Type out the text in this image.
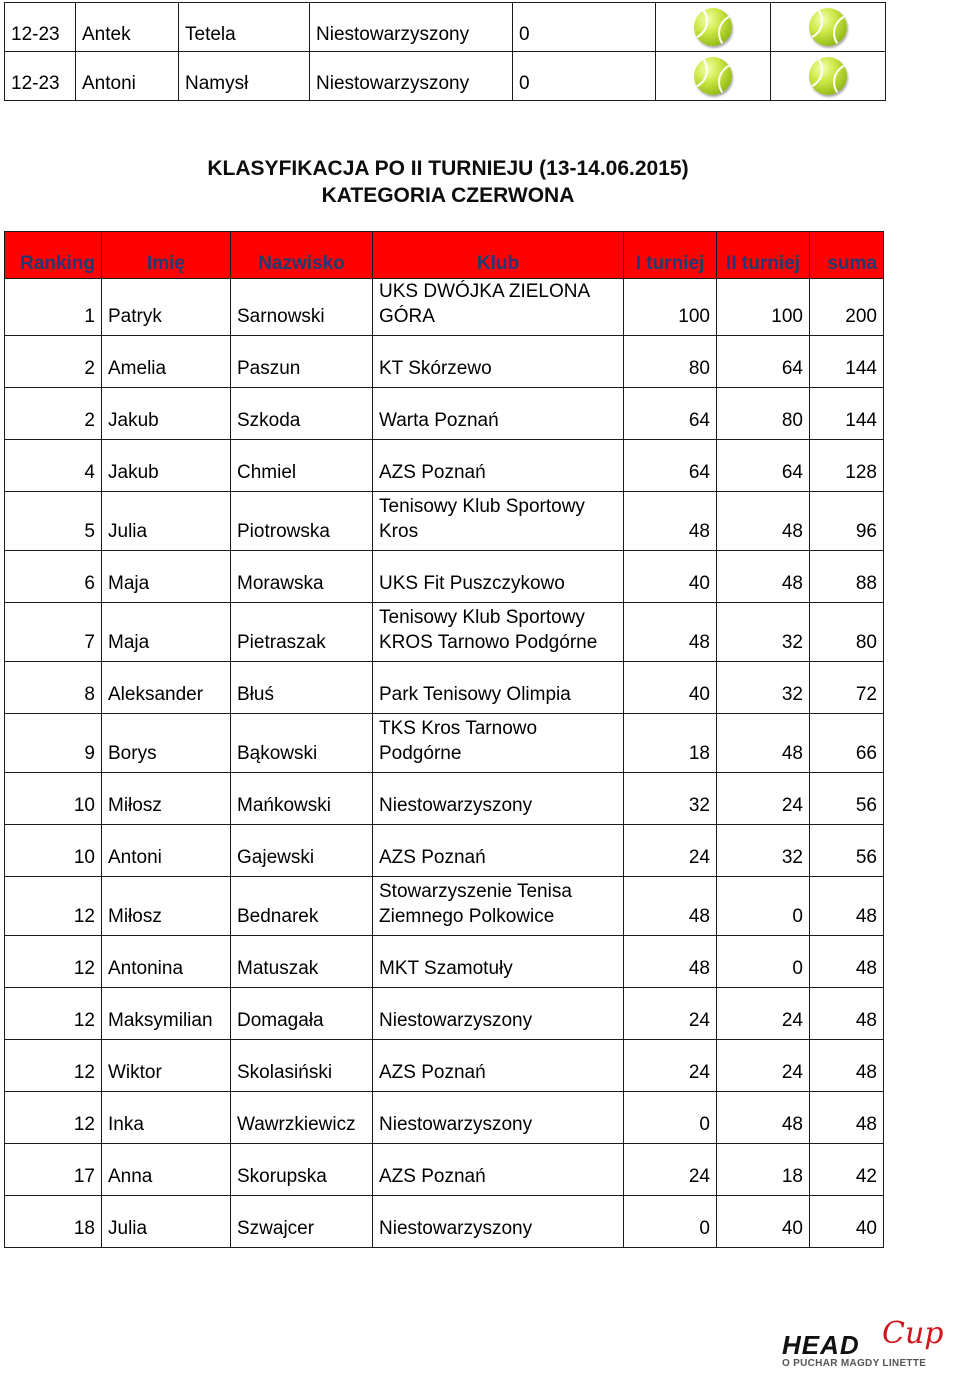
12-23	Antek	Tetela	Niestowarzyszony	0		
12-23	Antoni	Namysł	Niestowarzyszony	0		
KLASYFIKACJA PO II TURNIEJU (13-14.06.2015)
KATEGORIA CZERWONA
Ranking	Imię	Nazwisko	Klub	I turniej	II turniej	suma
1	Patryk	Sarnowski	UKS DWÓJKA ZIELONA GÓRA	100	100	200
2	Amelia	Paszun	KT Skórzewo	80	64	144
2	Jakub	Szkoda	Warta Poznań	64	80	144
4	Jakub	Chmiel	AZS Poznań	64	64	128
5	Julia	Piotrowska	Tenisowy Klub Sportowy Kros	48	48	96
6	Maja	Morawska	UKS Fit Puszczykowo	40	48	88
7	Maja	Pietraszak	Tenisowy Klub Sportowy KROS Tarnowo Podgórne	48	32	80
8	Aleksander	Błuś	Park Tenisowy Olimpia	40	32	72
9	Borys	Bąkowski	TKS Kros Tarnowo Podgórne	18	48	66
10	Miłosz	Mańkowski	Niestowarzyszony	32	24	56
10	Antoni	Gajewski	AZS Poznań	24	32	56
12	Miłosz	Bednarek	Stowarzyszenie Tenisa Ziemnego Polkowice	48	0	48
12	Antonina	Matuszak	MKT Szamotuły	48	0	48
12	Maksymilian	Domagała	Niestowarzyszony	24	24	48
12	Wiktor	Skolasiński	AZS Poznań	24	24	48
12	Inka	Wawrzkiewicz	Niestowarzyszony	0	48	48
17	Anna	Skorupska	AZS Poznań	24	18	42
18	Julia	Szwajcer	Niestowarzyszony	0	40	40
HEAD Cup
O PUCHAR MAGDY LINETTE
